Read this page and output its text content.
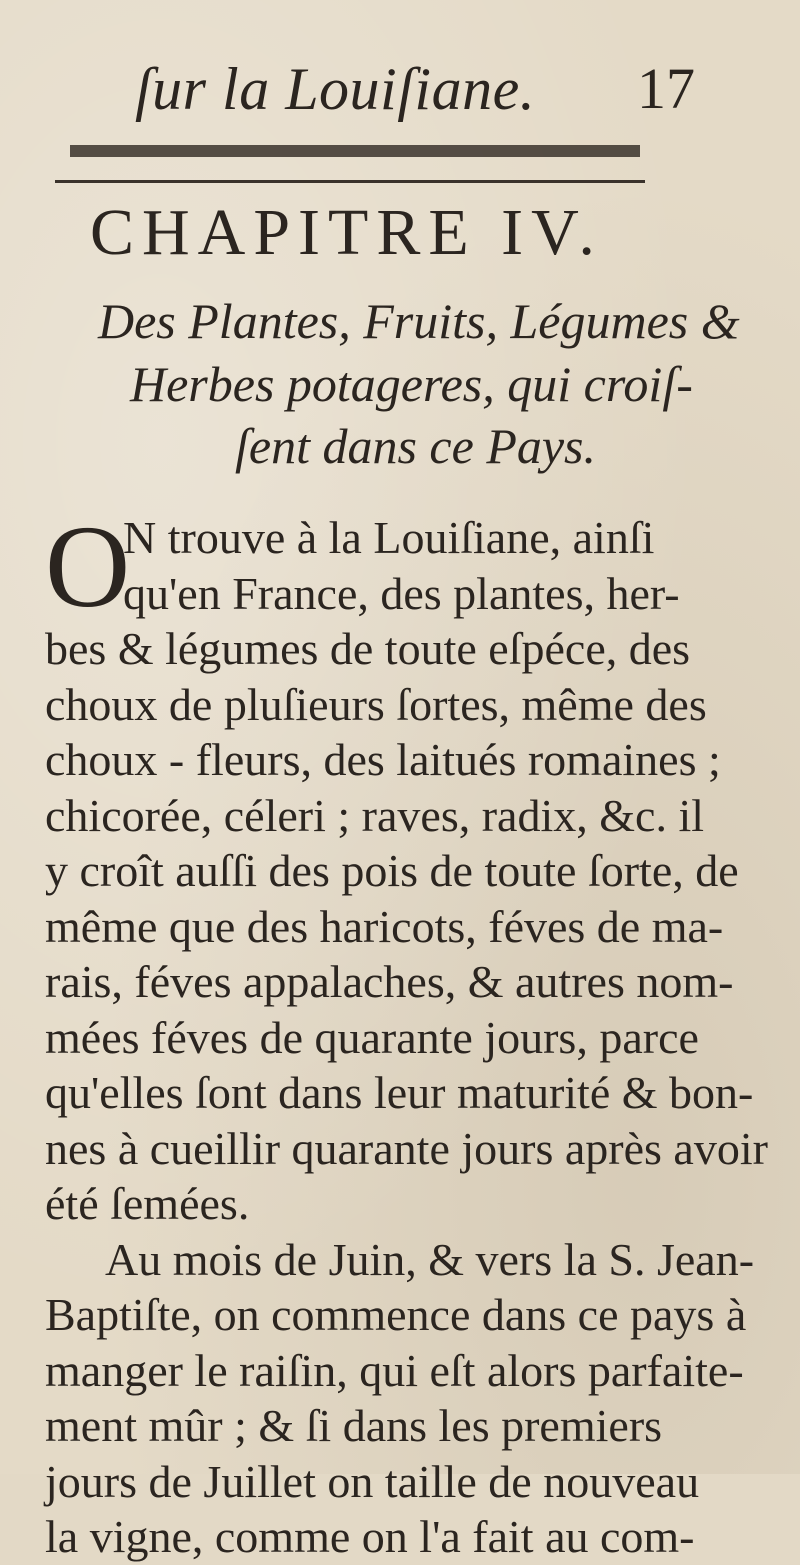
ſur la Louiſiane. 17
CHAPITRE IV.
Des Plantes, Fruits, Légumes &
Herbes potageres, qui croiſ-
ſent dans ce Pays.
O
N trouve à la Louiſiane, ainſi
qu'en France, des plantes, her-
bes & légumes de toute eſpéce, des
choux de pluſieurs ſortes, même des
choux - fleurs, des laitués romaines ;
chicorée, céleri ; raves, radix, &c. il
y croît auſſi des pois de toute ſorte, de
même que des haricots, féves de ma-
rais, féves appalaches, & autres nom-
mées féves de quarante jours, parce
qu'elles ſont dans leur maturité & bon-
nes à cueillir quarante jours après avoir
été ſemées.
Au mois de Juin, & vers la S. Jean-
Baptiſte, on commence dans ce pays à
manger le raiſin, qui eſt alors parfaite-
ment mûr ; & ſi dans les premiers
jours de Juillet on taille de nouveau
la vigne, comme on l'a fait au com-
